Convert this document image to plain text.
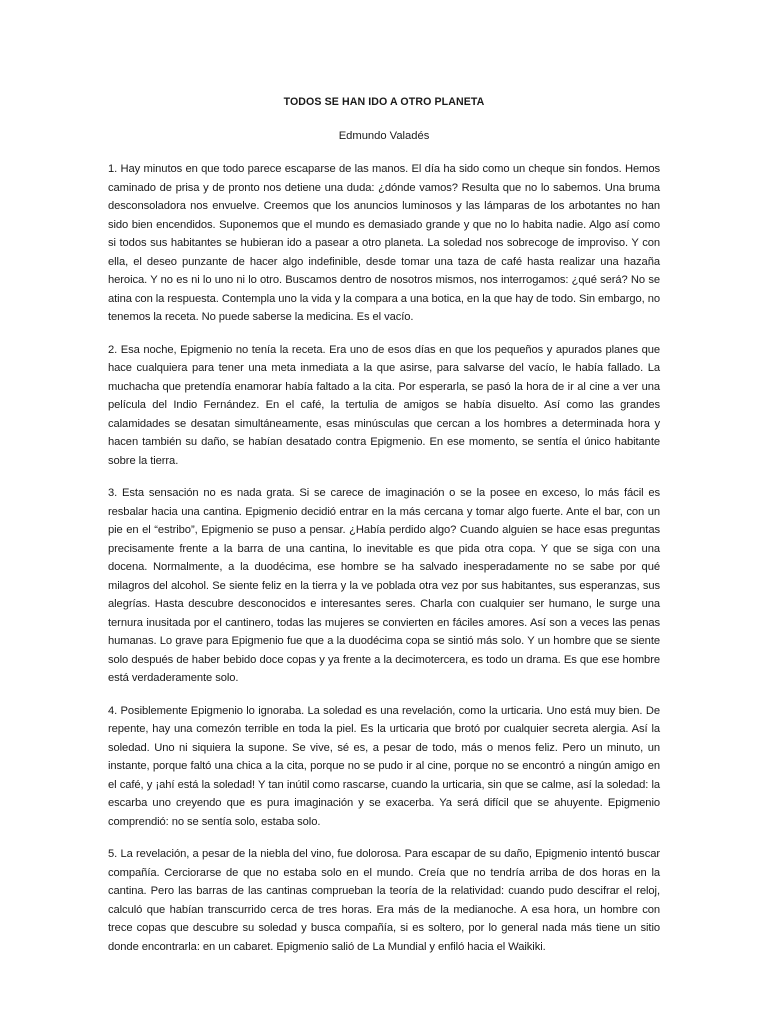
TODOS SE HAN IDO A OTRO PLANETA

Edmundo Valadés

1. Hay minutos en que todo parece escaparse de las manos. El día ha sido como un cheque sin fondos. Hemos caminado de prisa y de pronto nos detiene una duda: ¿dónde vamos? Resulta que no lo sabemos. Una bruma desconsoladora nos envuelve. Creemos que los anuncios luminosos y las lámparas de los arbotantes no han sido bien encendidos. Suponemos que el mundo es demasiado grande y que no lo habita nadie. Algo así como si todos sus habitantes se hubieran ido a pasear a otro planeta. La soledad nos sobrecoge de improviso. Y con ella, el deseo punzante de hacer algo indefinible, desde tomar una taza de café hasta realizar una hazaña heroica. Y no es ni lo uno ni lo otro. Buscamos dentro de nosotros mismos, nos interrogamos: ¿qué será? No se atina con la respuesta. Contempla uno la vida y la compara a una botica, en la que hay de todo. Sin embargo, no tenemos la receta. No puede saberse la medicina. Es el vacío.

2. Esa noche, Epigmenio no tenía la receta. Era uno de esos días en que los pequeños y apurados planes que hace cualquiera para tener una meta inmediata a la que asirse, para salvarse del vacío, le había fallado. La muchacha que pretendía enamorar había faltado a la cita. Por esperarla, se pasó la hora de ir al cine a ver una película del Indio Fernández. En el café, la tertulia de amigos se había disuelto. Así como las grandes calamidades se desatan simultáneamente, esas minúsculas que cercan a los hombres a determinada hora y hacen también su daño, se habían desatado contra Epigmenio. En ese momento, se sentía el único habitante sobre la tierra.

3. Esta sensación no es nada grata. Si se carece de imaginación o se la posee en exceso, lo más fácil es resbalar hacia una cantina. Epigmenio decidió entrar en la más cercana y tomar algo fuerte. Ante el bar, con un pie en el “estribo”, Epigmenio se puso a pensar. ¿Había perdido algo? Cuando alguien se hace esas preguntas precisamente frente a la barra de una cantina, lo inevitable es que pida otra copa. Y que se siga con una docena. Normalmente, a la duodécima, ese hombre se ha salvado inesperadamente no se sabe por qué milagros del alcohol. Se siente feliz en la tierra y la ve poblada otra vez por sus habitantes, sus esperanzas, sus alegrías. Hasta descubre desconocidos e interesantes seres. Charla con cualquier ser humano, le surge una ternura inusitada por el cantinero, todas las mujeres se convierten en fáciles amores. Así son a veces las penas humanas. Lo grave para Epigmenio fue que a la duodécima copa se sintió más solo. Y un hombre que se siente solo después de haber bebido doce copas y ya frente a la decimotercera, es todo un drama. Es que ese hombre está verdaderamente solo.

4. Posiblemente Epigmenio lo ignoraba. La soledad es una revelación, como la urticaria. Uno está muy bien. De repente, hay una comezón terrible en toda la piel. Es la urticaria que brotó por cualquier secreta alergia. Así la soledad. Uno ni siquiera la supone. Se vive, sé es, a pesar de todo, más o menos feliz. Pero un minuto, un instante, porque faltó una chica a la cita, porque no se pudo ir al cine, porque no se encontró a ningún amigo en el café, y ¡ahí está la soledad! Y tan inútil como rascarse, cuando la urticaria, sin que se calme, así la soledad: la escarba uno creyendo que es pura imaginación y se exacerba. Ya será difícil que se ahuyente. Epigmenio comprendió: no se sentía solo, estaba solo.

5. La revelación, a pesar de la niebla del vino, fue dolorosa. Para escapar de su daño, Epigmenio intentó buscar compañía. Cerciorarse de que no estaba solo en el mundo. Creía que no tendría arriba de dos horas en la cantina. Pero las barras de las cantinas comprueban la teoría de la relatividad: cuando pudo descifrar el reloj, calculó que habían transcurrido cerca de tres horas. Era más de la medianoche. A esa hora, un hombre con trece copas que descubre su soledad y busca compañía, si es soltero, por lo general nada más tiene un sitio donde encontrarla: en un cabaret. Epigmenio salió de La Mundial y enfiló hacia el Waikiki.
